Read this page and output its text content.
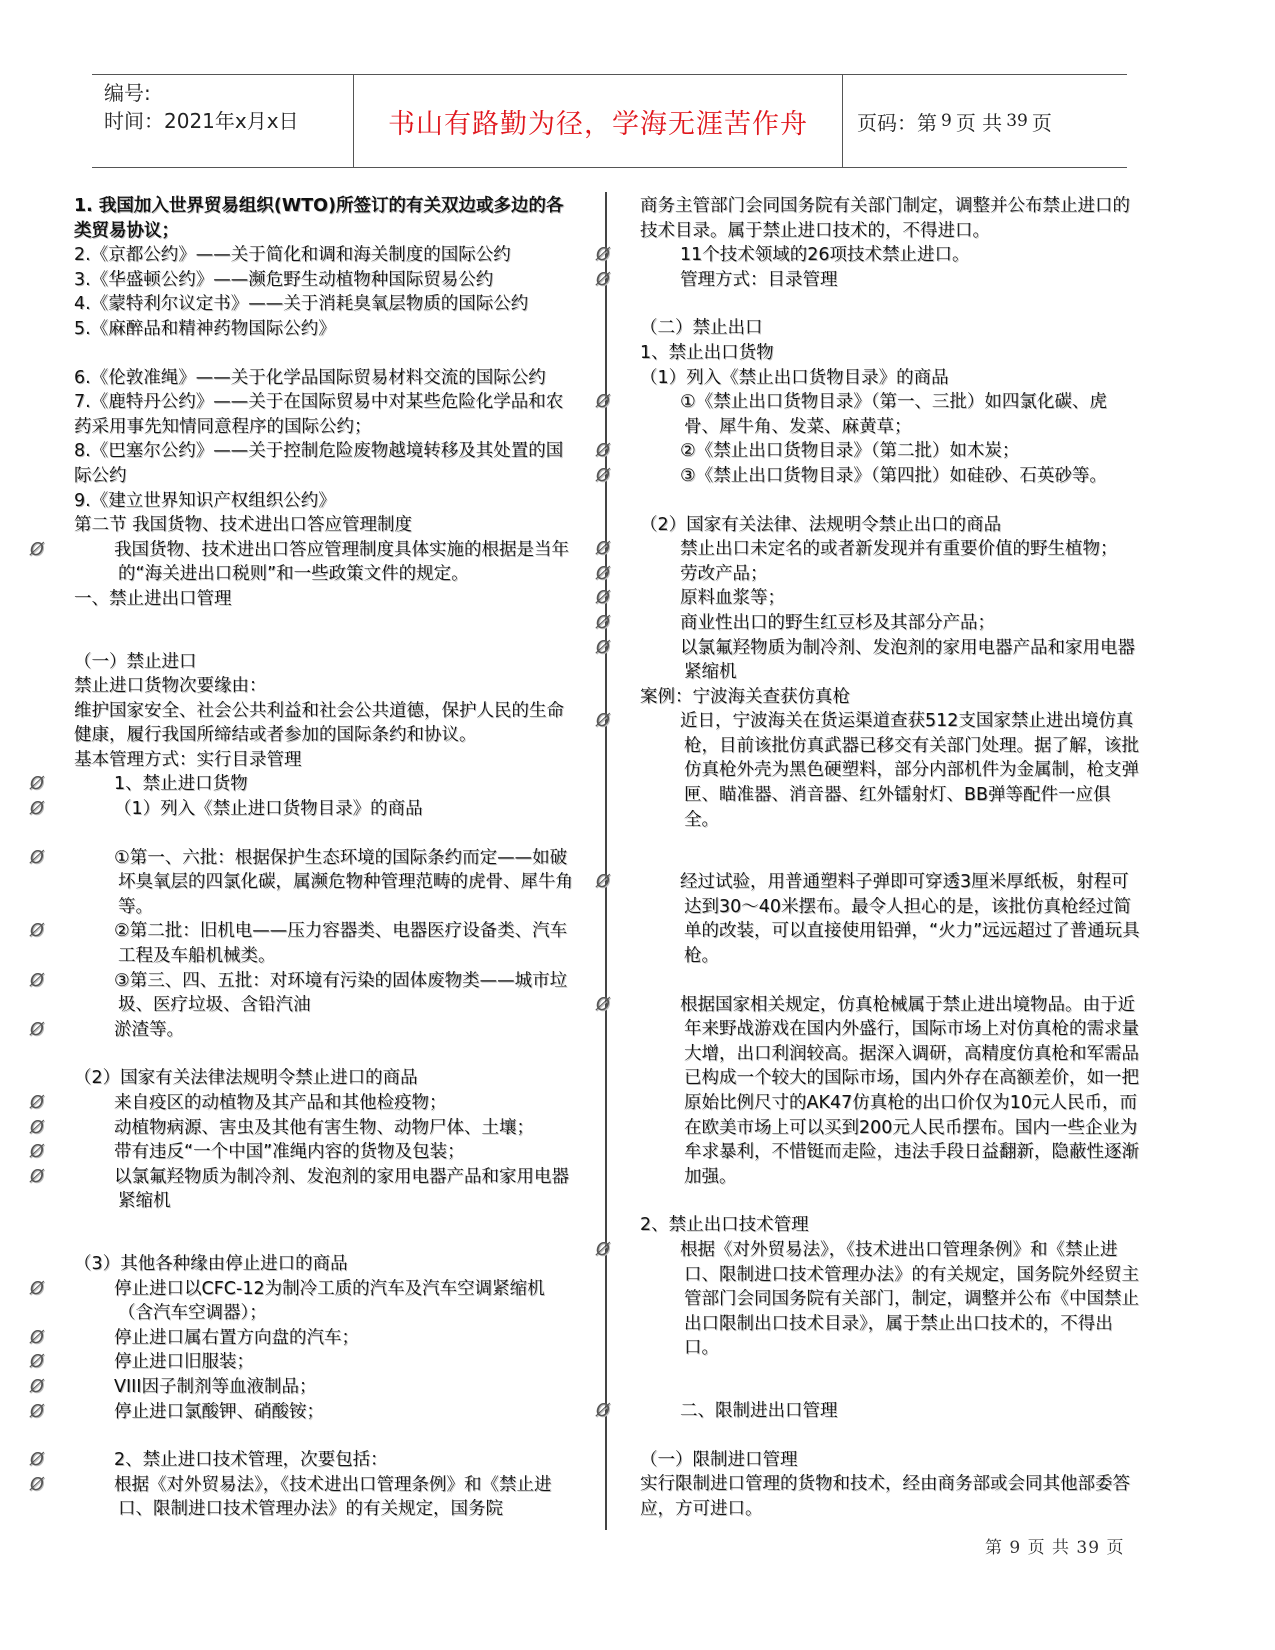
编号:
时间：2021年x月x日	书山有路勤为径，学海无涯苦作舟	页码：第 9 页 共 39 页

1. 我国加入世界贸易组织(WTO)所签订的有关双边或多边的各类贸易协议；

2.《京都公约》——关于简化和调和海关制度的国际公约

3.《华盛顿公约》——濒危野生动植物种国际贸易公约

4.《蒙特利尔议定书》——关于消耗臭氧层物质的国际公约

5.《麻醉品和精神药物国际公约》

6.《伦敦准绳》——关于化学品国际贸易材料交流的国际公约

7.《鹿特丹公约》——关于在国际贸易中对某些危险化学品和农药采用事先知情同意程序的国际公约；

8.《巴塞尔公约》——关于控制危险废物越境转移及其处置的国际公约

9.《建立世界知识产权组织公约》

第二节 我国货物、技术进出口答应管理制度

Ø	我国货物、技术进出口答应管理制度具体实施的根据是当年的“海关进出口税则”和一些政策文件的规定。

一、禁止进出口管理

（一）禁止进口

禁止进口货物次要缘由：

维护国家安全、社会公共利益和社会公共道德，保护人民的生命健康，履行我国所缔结或者参加的国际条约和协议。

基本管理方式：实行目录管理

Ø	1、禁止进口货物

Ø	（1）列入《禁止进口货物目录》的商品

Ø	①第一、六批：根据保护生态环境的国际条约而定——如破坏臭氧层的四氯化碳，属濒危物种管理范畴的虎骨、犀牛角等。

Ø	②第二批：旧机电——压力容器类、电器医疗设备类、汽车工程及车船机械类。

Ø	③第三、四、五批：对环境有污染的固体废物类——城市垃圾、医疗垃圾、含铅汽油

Ø	淤渣等。

（2）国家有关法律法规明令禁止进口的商品

Ø	来自疫区的动植物及其产品和其他检疫物；

Ø	动植物病源、害虫及其他有害生物、动物尸体、土壤；

Ø	带有违反“一个中国”准绳内容的货物及包装；

Ø	以氯氟羟物质为制冷剂、发泡剂的家用电器产品和家用电器紧缩机

（3）其他各种缘由停止进口的商品

Ø	停止进口以CFC-12为制冷工质的汽车及汽车空调紧缩机（含汽车空调器）；

Ø	停止进口属右置方向盘的汽车；

Ø	停止进口旧服装；

Ø	VIII因子制剂等血液制品；

Ø	停止进口氯酸钾、硝酸铵；

Ø	2、禁止进口技术管理，次要包括：

Ø	根据《对外贸易法》，《技术进出口管理条例》和《禁止进口、限制进口技术管理办法》的有关规定，国务院

商务主管部门会同国务院有关部门制定，调整并公布禁止进口的技术目录。属于禁止进口技术的，不得进口。

Ø	11个技术领域的26项技术禁止进口。

Ø	管理方式：目录管理

（二）禁止出口

1、禁止出口货物

（1）列入《禁止出口货物目录》的商品

Ø	①《禁止出口货物目录》（第一、三批）如四氯化碳、虎骨、犀牛角、发菜、麻黄草；

Ø	②《禁止出口货物目录》（第二批）如木炭；

Ø	③《禁止出口货物目录》（第四批）如硅砂、石英砂等。

（2）国家有关法律、法规明令禁止出口的商品

Ø	禁止出口未定名的或者新发现并有重要价值的野生植物；

Ø	劳改产品；

Ø	原料血浆等；

Ø	商业性出口的野生红豆杉及其部分产品；

Ø	以氯氟羟物质为制冷剂、发泡剂的家用电器产品和家用电器紧缩机

案例：宁波海关查获仿真枪

Ø	近日，宁波海关在货运渠道查获512支国家禁止进出境仿真枪，目前该批仿真武器已移交有关部门处理。据了解，该批仿真枪外壳为黑色硬塑料，部分内部机件为金属制，枪支弹匣、瞄准器、消音器、红外镭射灯、BB弹等配件一应俱全。

Ø	经过试验，用普通塑料子弹即可穿透3厘米厚纸板，射程可达到30～40米摆布。最令人担心的是，该批仿真枪经过简单的改装，可以直接使用铅弹，“火力”远远超过了普通玩具枪。

Ø	根据国家相关规定，仿真枪械属于禁止进出境物品。由于近年来野战游戏在国内外盛行，国际市场上对仿真枪的需求量大增，出口利润较高。据深入调研，高精度仿真枪和军需品已构成一个较大的国际市场，国内外存在高额差价，如一把原始比例尺寸的AK47仿真枪的出口价仅为10元人民币，而在欧美市场上可以买到200元人民币摆布。国内一些企业为牟求暴利，不惜铤而走险，违法手段日益翻新，隐蔽性逐渐加强。

2、禁止出口技术管理

Ø	根据《对外贸易法》，《技术进出口管理条例》和《禁止进口、限制进口技术管理办法》的有关规定，国务院外经贸主管部门会同国务院有关部门，制定，调整并公布《中国禁止出口限制出口技术目录》，属于禁止出口技术的，不得出口。

Ø	二、限制进出口管理

（一）限制进口管理

实行限制进口管理的货物和技术，经由商务部或会同其他部委答应，方可进口。

第 9 页 共 39 页
